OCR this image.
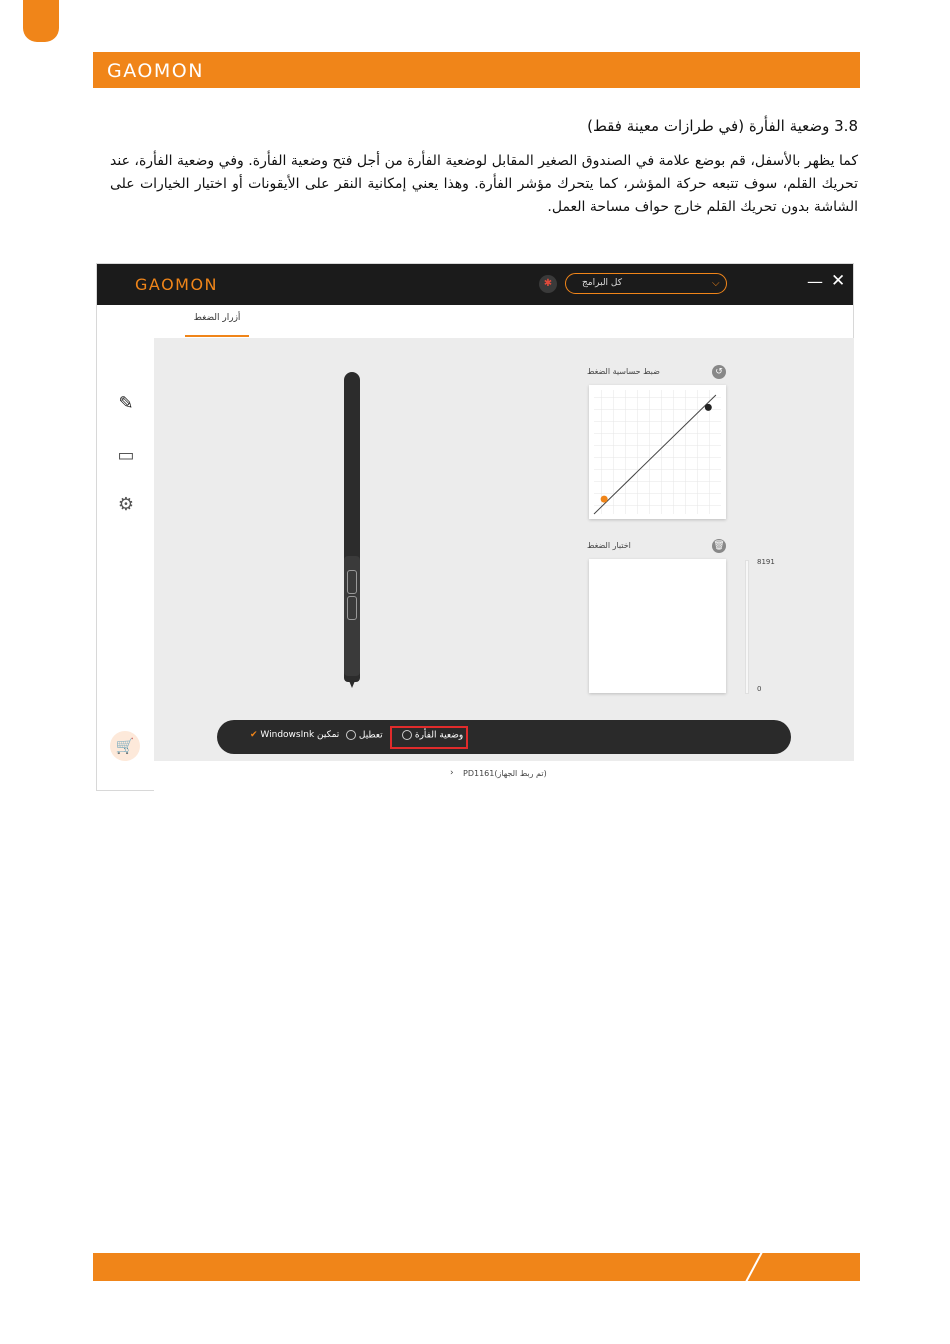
GAOMON
3.8 وضعية الفأرة (في طرازات معينة فقط)
كما يظهر بالأسفل، قم بوضع علامة في الصندوق الصغير المقابل لوضعية الفأرة من أجل فتح وضعية الفأرة. وفي وضعية الفأرة، عند تحريك القلم، سوف تتبعه حركة المؤشر، كما يتحرك مؤشر الفأرة. وهذا يعني إمكانية النقر على الأيقونات أو اختيار الخيارات على الشاشة بدون تحريك القلم خارج حواف مساحة العمل.
GAOMON	✱	كل البرامج	⌵	— ✕
أزرار الضغط
✎
▭
⚙
🛒
ضبط حساسية الضغط	↺
اختبار الضغط	🗑
8191
0
تمكين WindowsInk ✔	تعطيل	وضعية الفأرة
› PD1161(تم ربط الجهاز)
